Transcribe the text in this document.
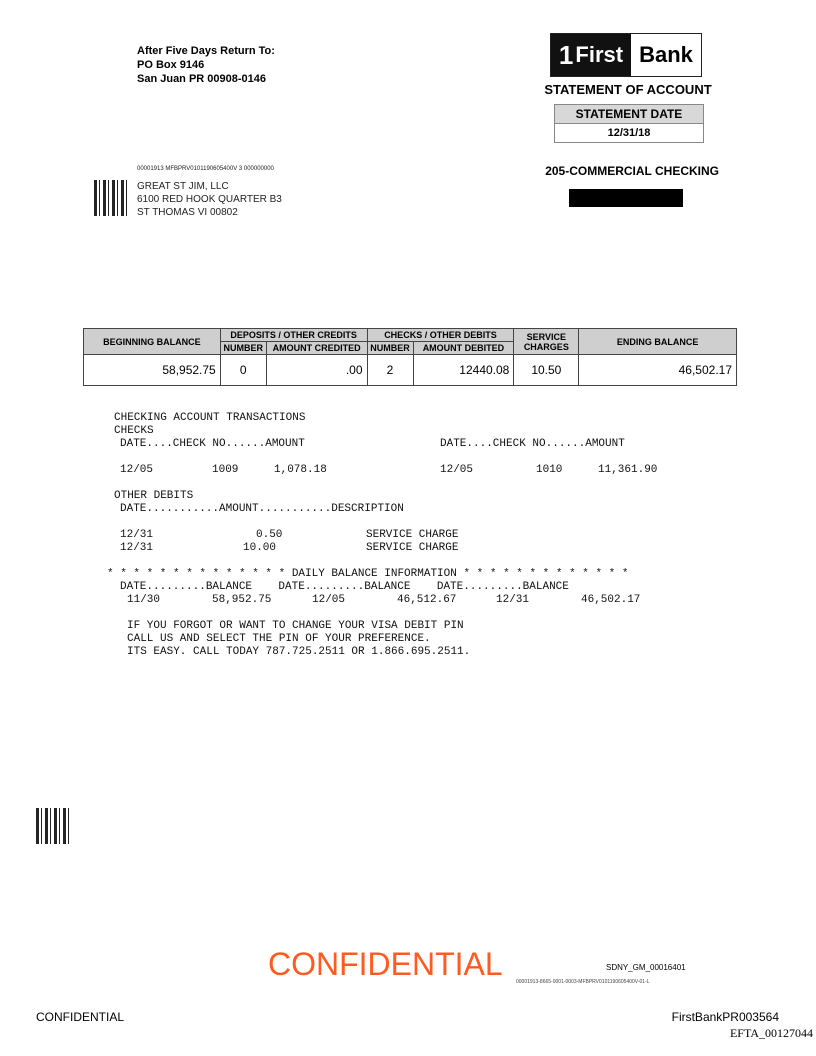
After Five Days Return To:
PO Box 9146
San Juan PR 00908-0146
1 First Bank
STATEMENT OF ACCOUNT
STATEMENT DATE
12/31/18
205-COMMERCIAL CHECKING
00001913 MFBPRV0101190605400V 3 000000000
GREAT ST JIM, LLC
6100 RED HOOK QUARTER B3
ST THOMAS VI 00802
BEGINNING BALANCE	DEPOSITS / OTHER CREDITS		CHECKS / OTHER DEBITS		SERVICE CHARGES	ENDING BALANCE
	NUMBER	AMOUNT CREDITED	NUMBER	AMOUNT DEBITED		
58,952.75	0	.00	2	12440.08	10.50	46,502.17
CHECKING ACCOUNT TRANSACTIONS
CHECKS
DATE....CHECK NO......AMOUNT	DATE....CHECK NO......AMOUNT
12/05	1009	1,078.18	12/05	1010	11,361.90
OTHER DEBITS
DATE...........AMOUNT...........DESCRIPTION
12/31	0.50	SERVICE CHARGE
12/31	10.00	SERVICE CHARGE
* * * * * * * * * * * * * * DAILY BALANCE INFORMATION * * * * * * * * * * * * *
DATE.........BALANCE    DATE.........BALANCE    DATE.........BALANCE
11/30	58,952.75	12/05	46,512.67	12/31	46,502.17
IF YOU FORGOT OR WANT TO CHANGE YOUR VISA DEBIT PIN
CALL US AND SELECT THE PIN OF YOUR PREFERENCE.
ITS EASY. CALL TODAY 787.725.2511 OR 1.866.695.2511.
CONFIDENTIAL	SDNY_GM_00016401
00001913-8665-0001-0003-MFBPRV0101190605400V-01-L
CONFIDENTIAL	FirstBankPR003564
EFTA_00127044
